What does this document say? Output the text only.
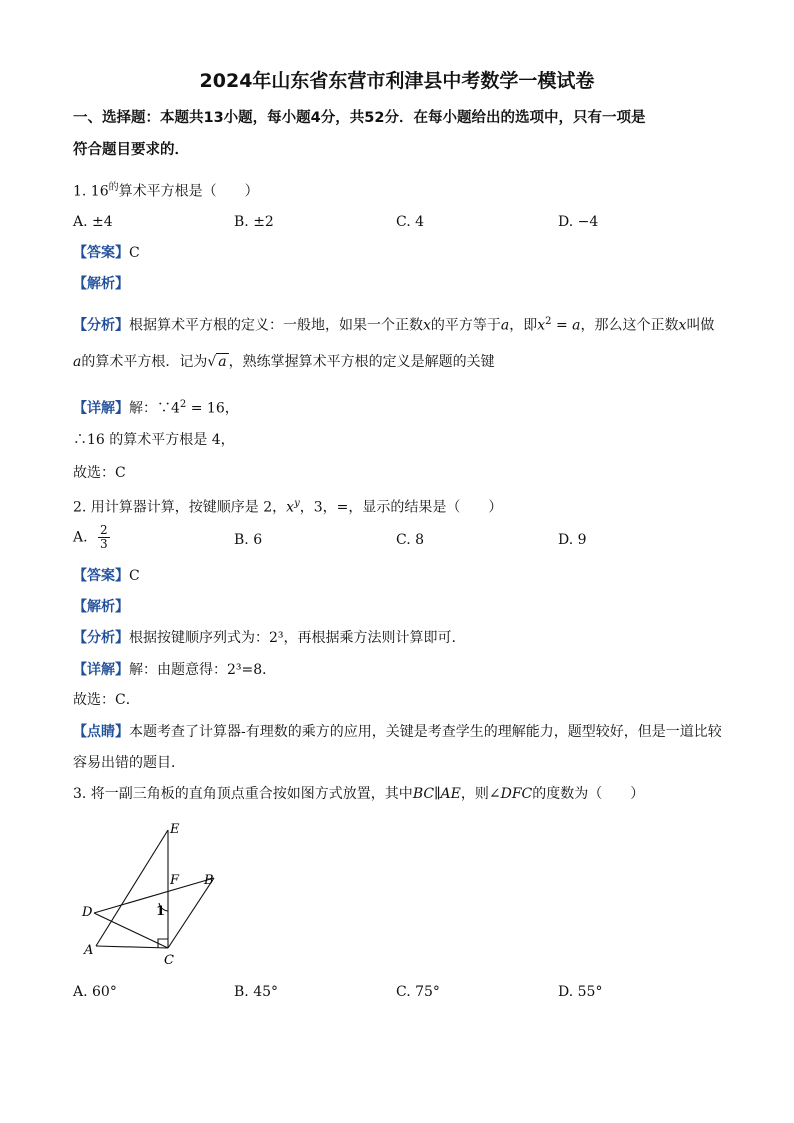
2024年山东省东营市利津县中考数学一模试卷
一、选择题：本题共13小题，每小题4分，共52分．在每小题给出的选项中，只有一项是
符合题目要求的．
1. $16^的$算术平方根是（　　）
A. ±4	B. ±2	C. 4	D. −4
【答案】C
【解析】
【分析】根据算术平方根的定义：一般地，如果一个正数x的平方等于a，即$x^2 = a$，那么这个正数x叫做
a的算术平方根．记为√ a ，熟练掌握算术平方根的定义是解题的关键
【详解】解：$\because 4^2 = 16$，
∴16 的算术平方根是 4，
故选：C
2. 用计算器计算，按键顺序是 2，$x^y$，3，=，显示的结果是（　　）
A. $\frac{2}{3}$	B. 6	C. 8	D. 9
【答案】C
【解析】
【分析】根据按键顺序列式为：2³，再根据乘方法则计算即可.
【详解】解：由题意得：2³=8．
故选：C．
【点睛】本题考查了计算器-有理数的乘方的应用，关键是考查学生的理解能力，题型较好，但是一道比较
容易出错的题目．
3. 将一副三角板的直角顶点重合按如图方式放置，其中BC∥AE，则∠DFC的度数为（　　）
E
F B
D	1
A
C
A. 60°	B. 45°	C. 75°	D. 55°
